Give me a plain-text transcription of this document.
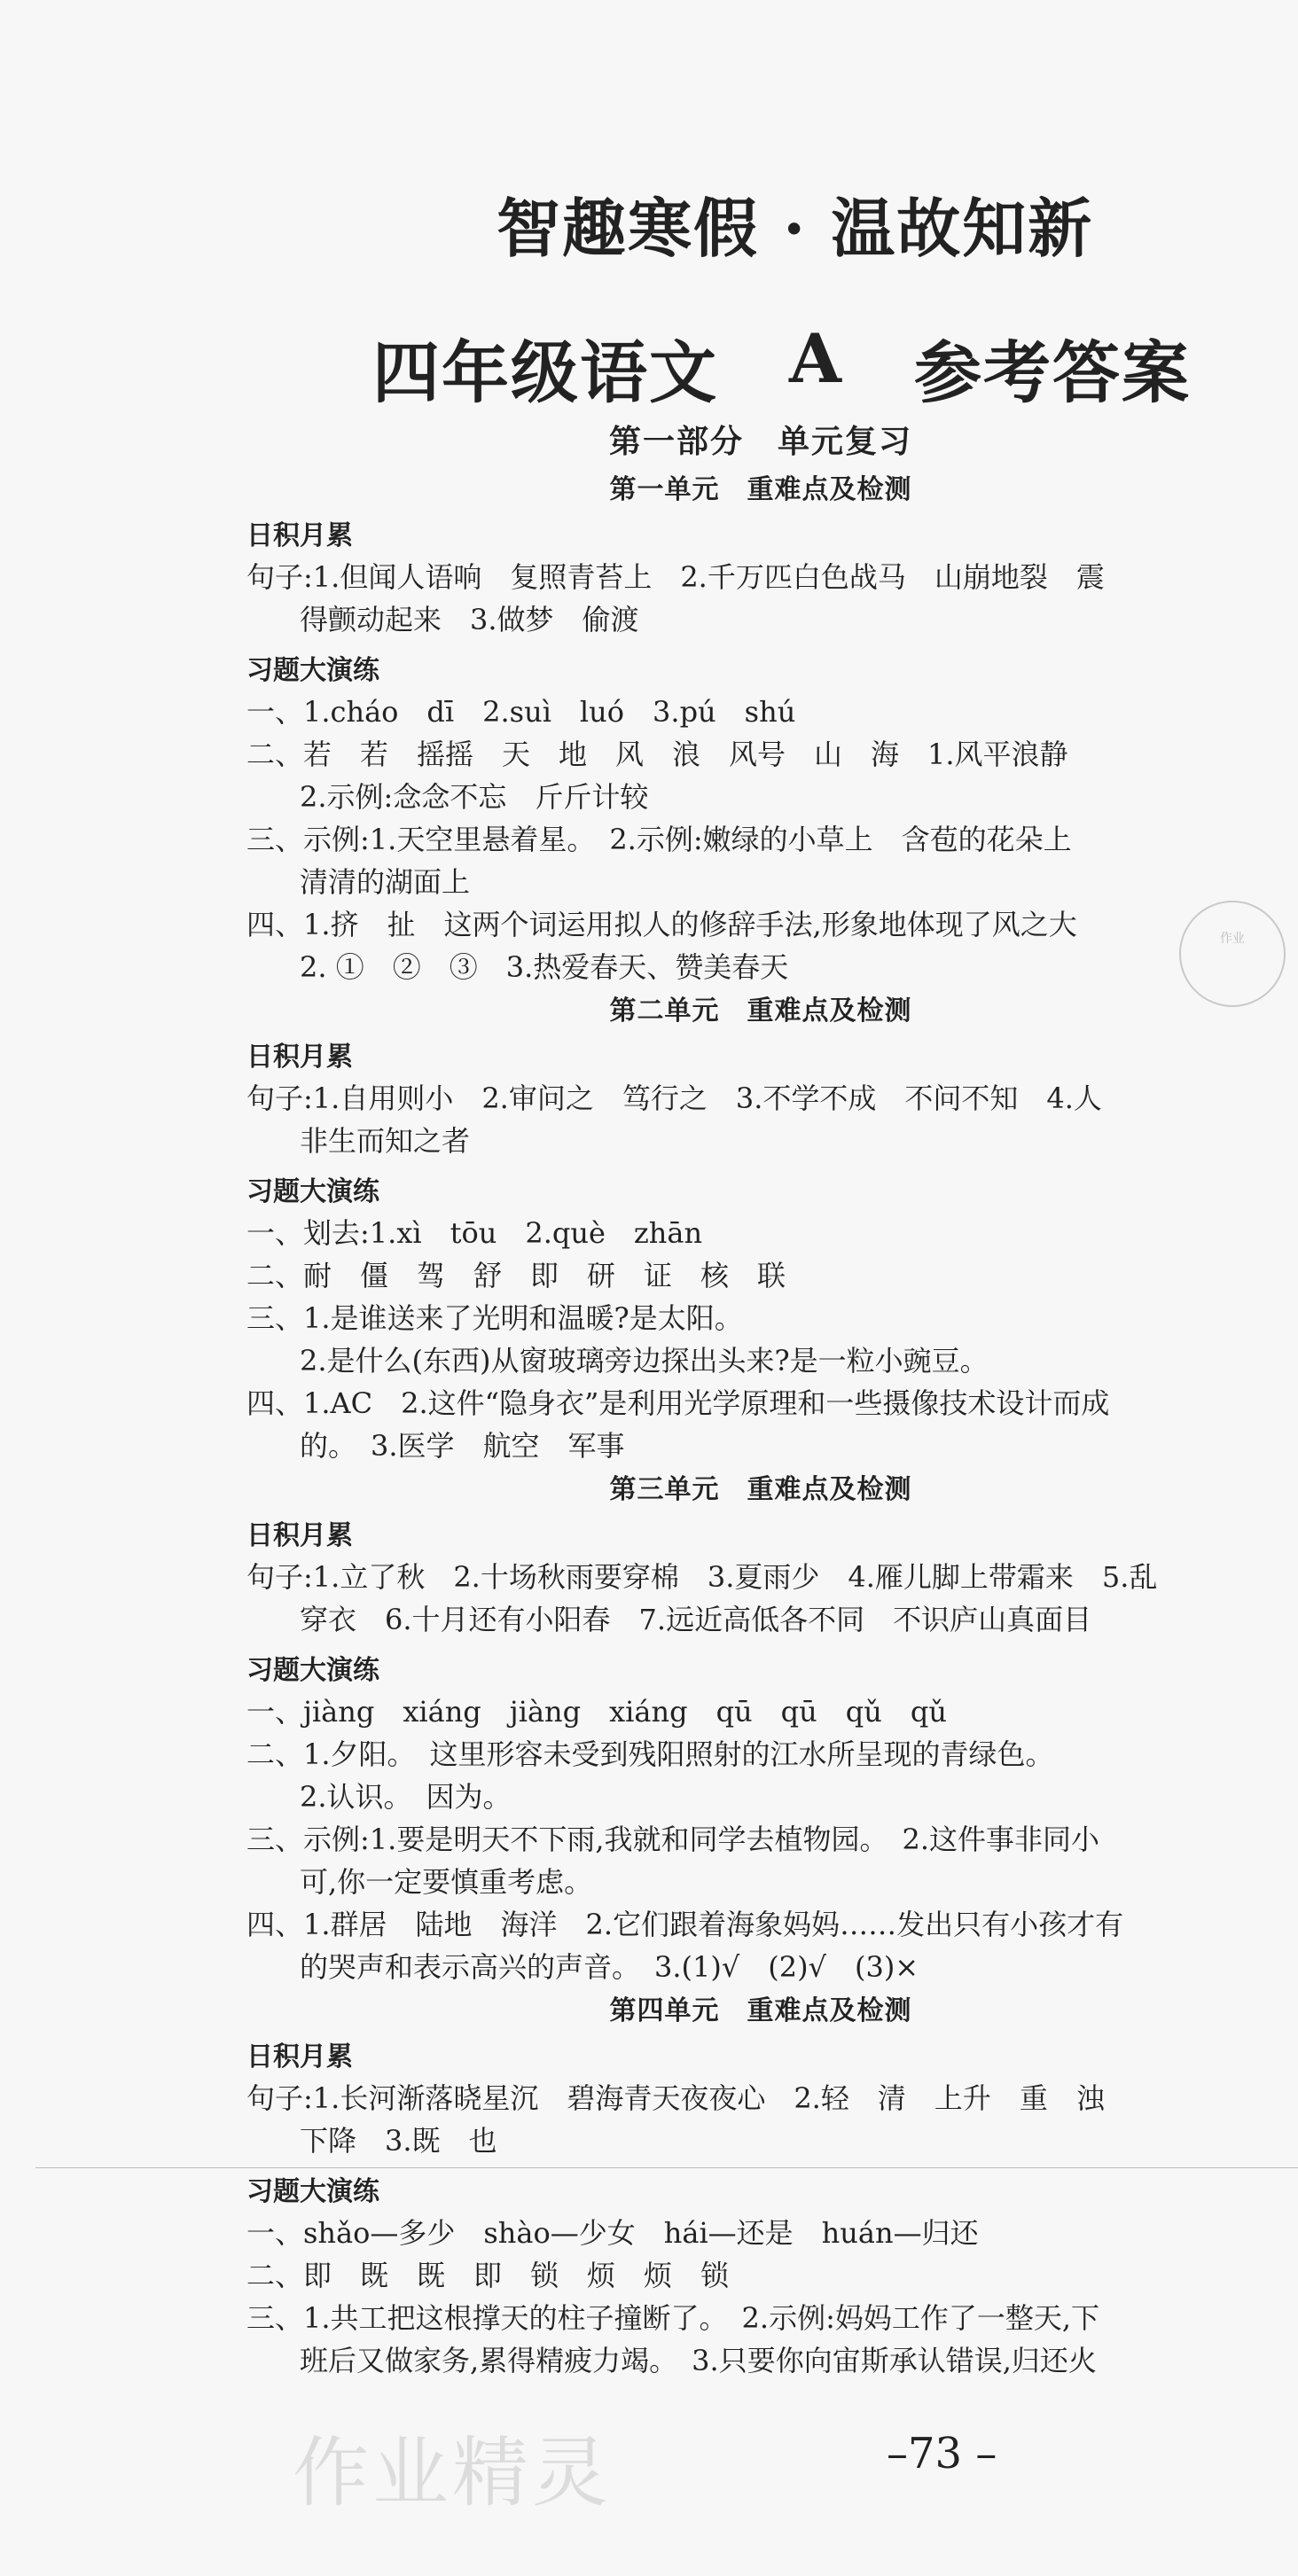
智趣寒假 · 温故知新
四年级语文 A 参考答案
第一部分　单元复习
第一单元　重难点及检测
日积月累
句子:1.但闻人语响　复照青苔上　2.千万匹白色战马　山崩地裂　震
得颤动起来　3.做梦　偷渡
习题大演练
一、1.cháo　dī　2.suì　luó　3.pú　shú
二、若　若　摇摇　天　地　风　浪　风号　山　海　1.风平浪静
2.示例:念念不忘　斤斤计较
三、示例:1.天空里悬着星。　2.示例:嫩绿的小草上　含苞的花朵上
清清的湖面上
四、1.挤　扯　这两个词运用拟人的修辞手法,形象地体现了风之大
2. ①　②　③　3.热爱春天、赞美春天
第二单元　重难点及检测
日积月累
句子:1.自用则小　2.审问之　笃行之　3.不学不成　不问不知　4.人
非生而知之者
习题大演练
一、划去:1.xì　tōu　2.què　zhān
二、耐　僵　驾　舒　即　研　证　核　联
三、1.是谁送来了光明和温暖?是太阳。
2.是什么(东西)从窗玻璃旁边探出头来?是一粒小豌豆。
四、1.AC　2.这件“隐身衣”是利用光学原理和一些摄像技术设计而成
的。　3.医学　航空　军事
第三单元　重难点及检测
日积月累
句子:1.立了秋　2.十场秋雨要穿棉　3.夏雨少　4.雁儿脚上带霜来　5.乱
穿衣　6.十月还有小阳春　7.远近高低各不同　不识庐山真面目
习题大演练
一、jiàng　xiáng　jiàng　xiáng　qū　qū　qǔ　qǔ
二、1.夕阳。　这里形容未受到残阳照射的江水所呈现的青绿色。
2.认识。　因为。
三、示例:1.要是明天不下雨,我就和同学去植物园。　2.这件事非同小
可,你一定要慎重考虑。
四、1.群居　陆地　海洋　2.它们跟着海象妈妈……发出只有小孩才有
的哭声和表示高兴的声音。　3.(1)√　(2)√　(3)×
第四单元　重难点及检测
日积月累
句子:1.长河渐落晓星沉　碧海青天夜夜心　2.轻　清　上升　重　浊
下降　3.既　也
习题大演练
一、shǎo—多少　shào—少女　hái—还是　huán—归还
二、即　既　既　即　锁　烦　烦　锁
三、1.共工把这根撑天的柱子撞断了。　2.示例:妈妈工作了一整天,下
班后又做家务,累得精疲力竭。　3.只要你向宙斯承认错误,归还火
作业
作业精灵	–73 –
